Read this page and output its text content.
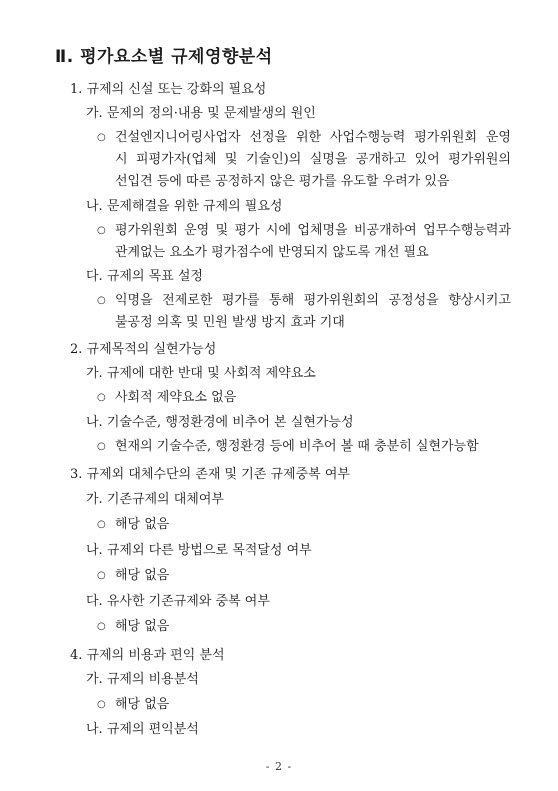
Ⅱ. 평가요소별 규제영향분석
1. 규제의 신설 또는 강화의 필요성
가. 문제의 정의·내용 및 문제발생의 원인
○ 건설엔지니어링사업자 선정을 위한 사업수행능력 평가위원회 운영
시 피평가자(업체 및 기술인)의 실명을 공개하고 있어 평가위원의
선입견 등에 따른 공정하지 않은 평가를 유도할 우려가 있음
나. 문제해결을 위한 규제의 필요성
○ 평가위원회 운영 및 평가 시에 업체명을 비공개하여 업무수행능력과
관계없는 요소가 평가점수에 반영되지 않도록 개선 필요
다. 규제의 목표 설정
○ 익명을 전제로한 평가를 통해 평가위원회의 공정성을 향상시키고
불공정 의혹 및 민원 발생 방지 효과 기대
2. 규제목적의 실현가능성
가. 규제에 대한 반대 및 사회적 제약요소
○ 사회적 제약요소 없음
나. 기술수준, 행정환경에 비추어 본 실현가능성
○ 현재의 기술수준, 행정환경 등에 비추어 볼 때 충분히 실현가능함
3. 규제외 대체수단의 존재 및 기존 규제중복 여부
가. 기존규제의 대체여부
○ 해당 없음
나. 규제외 다른 방법으로 목적달성 여부
○ 해당 없음
다. 유사한 기존규제와 중복 여부
○ 해당 없음
4. 규제의 비용과 편익 분석
가. 규제의 비용분석
○ 해당 없음
나. 규제의 편익분석
- 2 -
